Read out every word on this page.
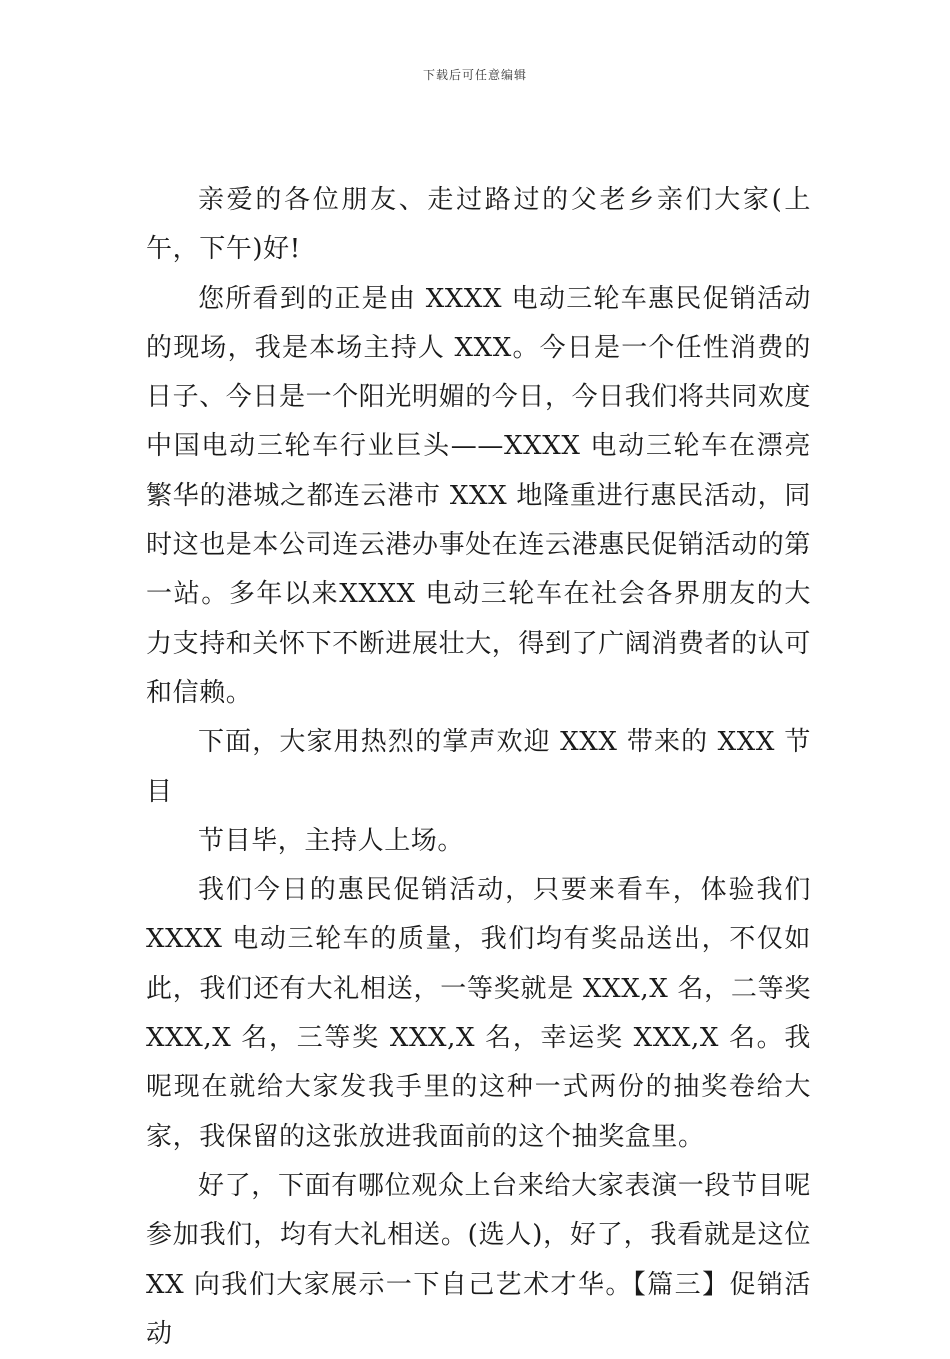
下载后可任意编辑

亲爱的各位朋友、走过路过的父老乡亲们大家(上午，下午)好!

您所看到的正是由 XXXX 电动三轮车惠民促销活动的现场，我是本场主持人 XXX。今日是一个任性消费的日子、今日是一个阳光明媚的今日，今日我们将共同欢度中国电动三轮车行业巨头——XXXX 电动三轮车在漂亮繁华的港城之都连云港市 XXX 地隆重进行惠民活动，同时这也是本公司连云港办事处在连云港惠民促销活动的第一站。多年以来XXXX 电动三轮车在社会各界朋友的大力支持和关怀下不断进展壮大，得到了广阔消费者的认可和信赖。

下面，大家用热烈的掌声欢迎 XXX 带来的 XXX 节目

节目毕，主持人上场。

我们今日的惠民促销活动，只要来看车，体验我们 XXXX 电动三轮车的质量，我们均有奖品送出，不仅如此，我们还有大礼相送，一等奖就是 XXX,X 名，二等奖 XXX,X 名，三等奖 XXX,X 名，幸运奖 XXX,X 名。我呢现在就给大家发我手里的这种一式两份的抽奖卷给大家，我保留的这张放进我面前的这个抽奖盒里。

好了，下面有哪位观众上台来给大家表演一段节目呢参加我们，均有大礼相送。(选人)，好了，我看就是这位XX 向我们大家展示一下自己艺术才华。【篇三】促销活动
